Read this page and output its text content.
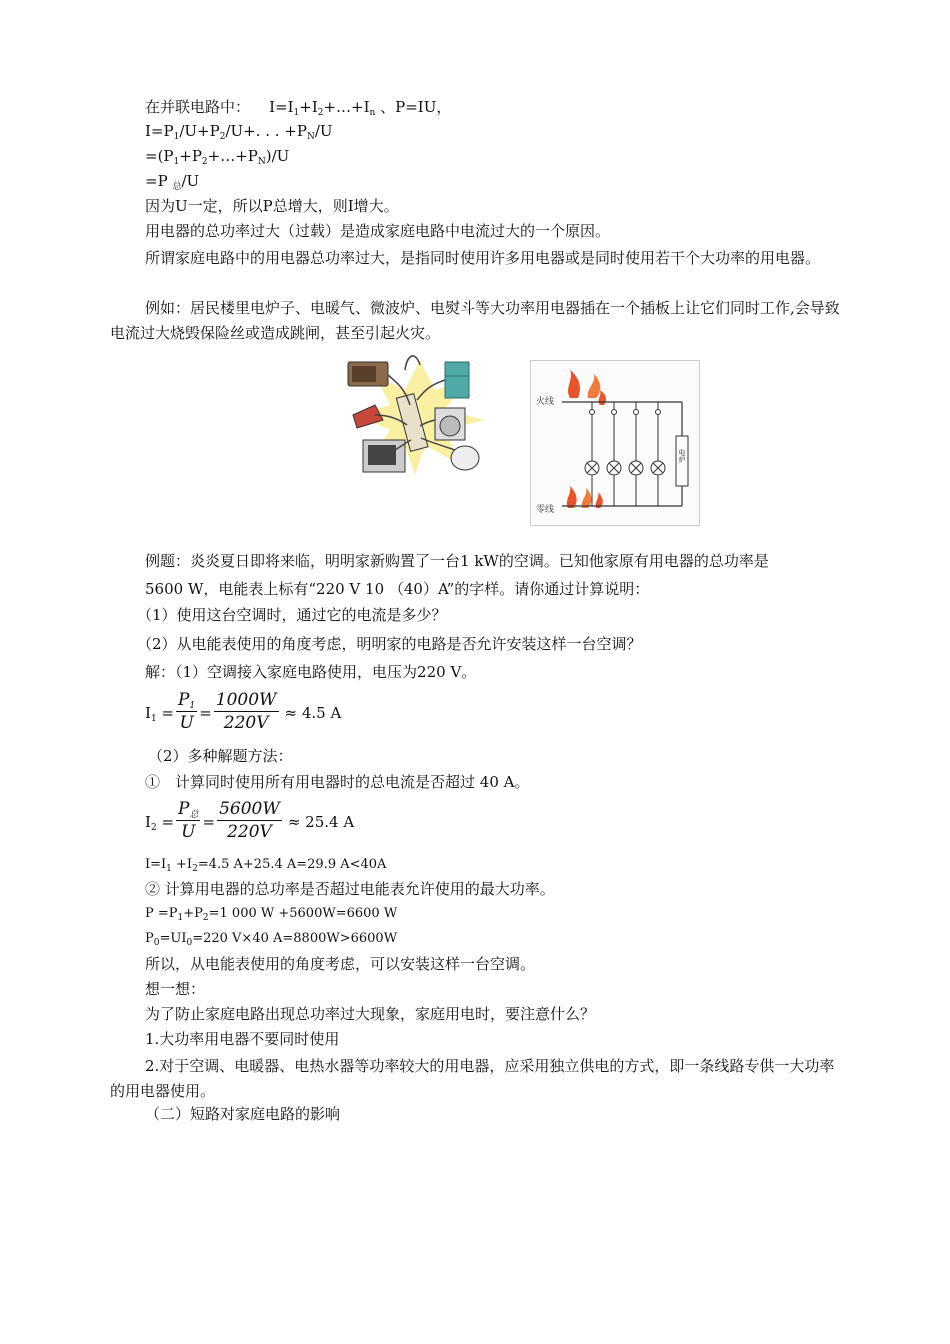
在并联电路中： $I=I_1+I_2+\dots+I_n$ 、P=IU，
$I=P_1/U+P_2/U+$. . . $+P_N/U$
$=(P_1+P_2+\dots+P_N)/U$
=P $_总$/U
因为U一定，所以P总增大，则I增大。
用电器的总功率过大（过载）是造成家庭电路中电流过大的一个原因。
所谓家庭电路中的用电器总功率过大，是指同时使用许多用电器或是同时使用若干个大功率的用电器。
例如：居民楼里电炉子、电暖气、微波炉、电熨斗等大功率用电器插在一个插板上让它们同时工作,会导致电流过大烧毁保险丝或造成跳闸，甚至引起火灾。
火线
零线
电炉
例题：炎炎夏日即将来临，明明家新购置了一台1 kW的空调。已知他家原有用电器的总功率是
5600 W，电能表上标有“220 V 10 （40）A”的字样。请你通过计算说明：
（1）使用这台空调时，通过它的电流是多少？
（2）从电能表使用的角度考虑，明明家的电路是否允许安装这样一台空调？
解：（1）空调接入家庭电路使用，电压为220 V。
$I_1 = \frac{P_1}{U} = \frac{1000W}{220V} \approx 4.5$ A
（2）多种解题方法：
①　计算同时使用所有用电器时的总电流是否超过 40 A。
$I_2 = \frac{P_总}{U} = \frac{5600W}{220V} \approx 25.4$ A
$I=I_1 +I_2=4.5$ A+25.4 A=29.9 A<40A
② 计算用电器的总功率是否超过电能表允许使用的最大功率。
$P =P_1+P_2=1$ 000 W +5600W=6600 W
$P_0=UI_0=220$ V×40 A=8800W>6600W
所以，从电能表使用的角度考虑，可以安装这样一台空调。
想一想：
为了防止家庭电路出现总功率过大现象，家庭用电时，要注意什么？
1.大功率用电器不要同时使用
2.对于空调、电暖器、电热水器等功率较大的用电器，应采用独立供电的方式，即一条线路专供一大功率的用电器使用。
（二）短路对家庭电路的影响
